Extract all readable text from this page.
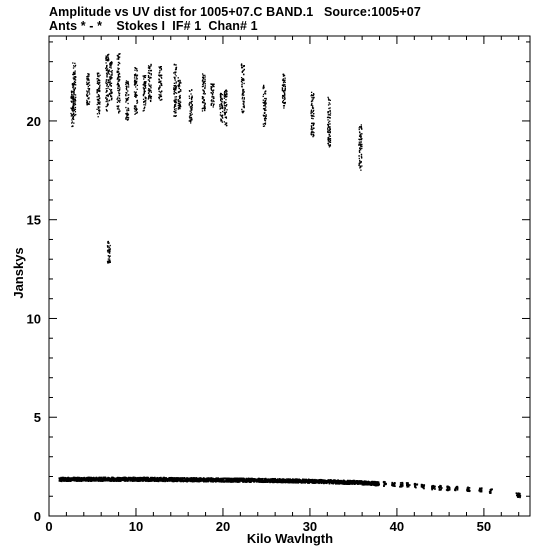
Amplitude vs UV dist for 1005+07.C BAND.1   Source:1005+07
Ants * - *    Stokes I  IF# 1  Chan# 1
0	10	20	30	40	50
0
5
10
15
20
Kilo Wavlngth
Janskys
